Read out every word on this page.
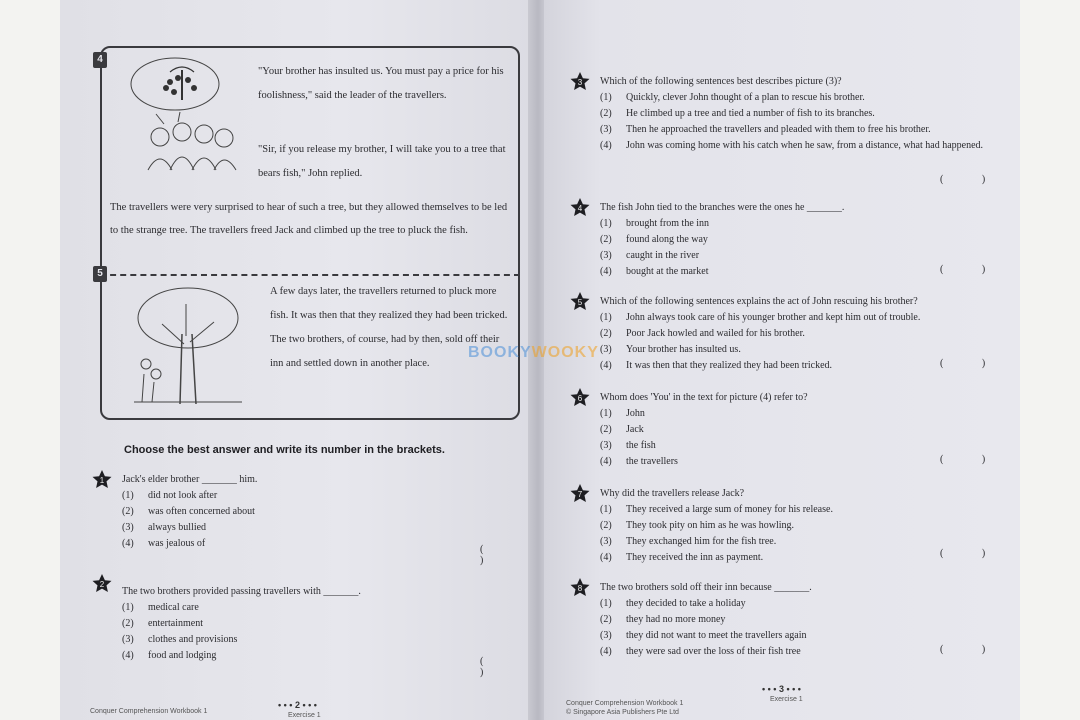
4
5

"Your brother has insulted us. You must pay a price for his foolishness," said the leader of the travellers.

"Sir, if you release my brother, I will take you to a tree that bears fish," John replied.

The travellers were very surprised to hear of such a tree, but they allowed themselves to be led to the strange tree. The travellers freed Jack and climbed up the tree to pluck the fish.

A few days later, the travellers returned to pluck more fish. It was then that they realized they had been tricked. The two brothers, of course, had by then, sold off their inn and settled down in another place.

Choose the best answer and write its number in the brackets.
1 Jack's elder brother _______ him.

(1)	did not look after
(2)	was often concerned about
(3)	always bullied
(4)	was jealous of
( )
2

The two brothers provided passing travellers with _______.

(1)	medical care
(2)	entertainment
(3)	clothes and provisions
(4)	food and lodging
( )
• • • 2 • • •
Conquer Comprehension Workbook 1
Exercise 1
3 Which of the following sentences best describes picture (3)?

(1)	Quickly, clever John thought of a plan to rescue his brother.
(2)	He climbed up a tree and tied a number of fish to its branches.
(3)	Then he approached the travellers and pleaded with them to free his brother.
(4)	John was coming home with his catch when he saw, from a distance, what had happened.
( )
4 The fish John tied to the branches were the ones he _______.

(1)	brought from the inn
(2)	found along the way
(3)	caught in the river
(4)	bought at the market	( )
5 Which of the following sentences explains the act of John rescuing his brother?

(1)	John always took care of his younger brother and kept him out of trouble.
(2)	Poor Jack howled and wailed for his brother.
(3)	Your brother has insulted us.
(4)	It was then that they realized they had been tricked.	( )
6 Whom does 'You' in the text for picture (4) refer to?

(1)	John
(2)	Jack
(3)	the fish
(4)	the travellers	( )
7 Why did the travellers release Jack?

(1)	They received a large sum of money for his release.
(2)	They took pity on him as he was howling.
(3)	They exchanged him for the fish tree.
(4)	They received the inn as payment.	( )
8 The two brothers sold off their inn because _______.

(1)	they decided to take a holiday
(2)	they had no more money
(3)	they did not want to meet the travellers again
(4)	they were sad over the loss of their fish tree	( )
• • • 3 • • •
Exercise 1
Conquer Comprehension Workbook 1
© Singapore Asia Publishers Pte Ltd
BOOKYWOOKY
